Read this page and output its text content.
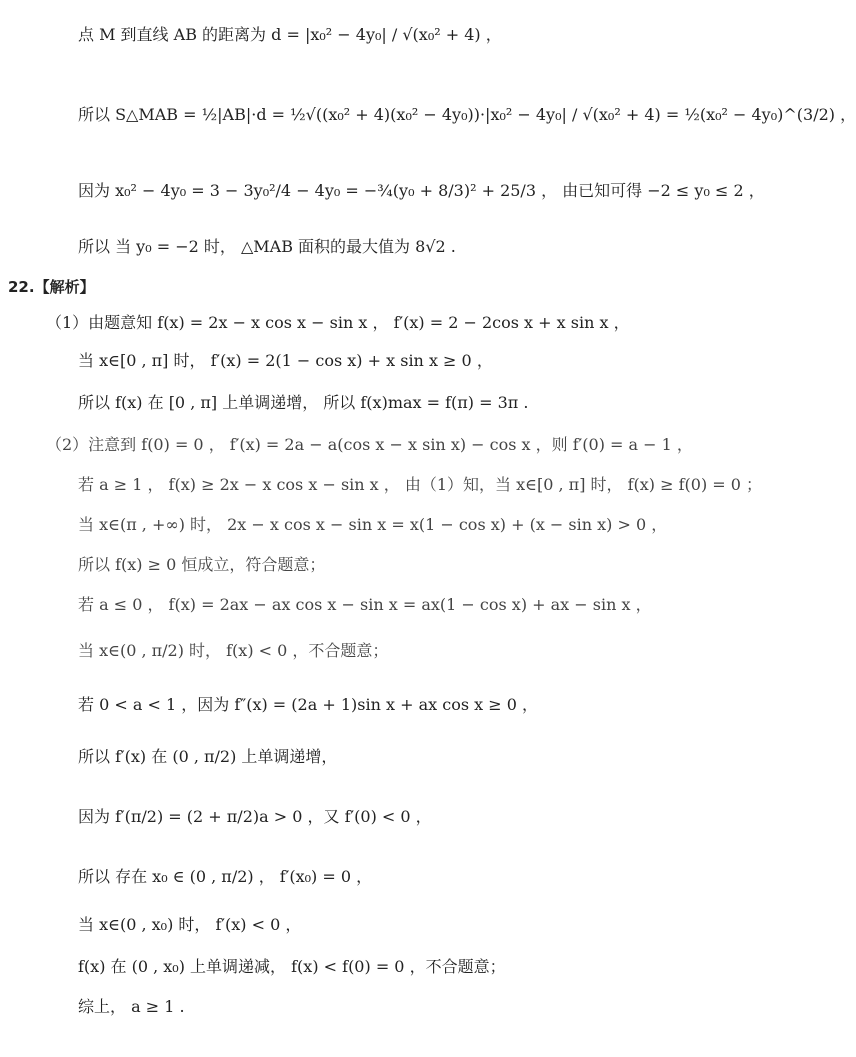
点 M 到直线 AB 的距离为 d = |x₀² − 4y₀| / √(x₀² + 4) ，
所以 S△MAB = ½|AB|·d = ½√((x₀² + 4)(x₀² − 4y₀))·|x₀² − 4y₀| / √(x₀² + 4) = ½(x₀² − 4y₀)^(3/2) ，
因为 x₀² − 4y₀ = 3 − 3y₀²/4 − 4y₀ = −¾(y₀ + 8/3)² + 25/3 ， 由已知可得 −2 ≤ y₀ ≤ 2 ，
所以 当 y₀ = −2 时， △MAB 面积的最大值为 8√2 .
22.【解析】
（1）由题意知 f(x) = 2x − x cos x − sin x ， f′(x) = 2 − 2cos x + x sin x ，
当 x∈[0 , π] 时， f′(x) = 2(1 − cos x) + x sin x ≥ 0 ，
所以 f(x) 在 [0 , π] 上单调递增， 所以 f(x)max = f(π) = 3π .
（2）注意到 f(0) = 0 ， f′(x) = 2a − a(cos x − x sin x) − cos x ，则 f′(0) = a − 1 ，
若 a ≥ 1 ， f(x) ≥ 2x − x cos x − sin x ， 由（1）知，当 x∈[0 , π] 时， f(x) ≥ f(0) = 0 ；
当 x∈(π , +∞) 时， 2x − x cos x − sin x = x(1 − cos x) + (x − sin x) > 0 ，
所以 f(x) ≥ 0 恒成立，符合题意；
若 a ≤ 0 ， f(x) = 2ax − ax cos x − sin x = ax(1 − cos x) + ax − sin x ，
当 x∈(0 , π/2) 时， f(x) < 0 ，不合题意；
若 0 < a < 1 ，因为 f″(x) = (2a + 1)sin x + ax cos x ≥ 0 ，
所以 f′(x) 在 (0 , π/2) 上单调递增，
因为 f′(π/2) = (2 + π/2)a > 0 ，又 f′(0) < 0 ，
所以 存在 x₀ ∈ (0 , π/2) ， f′(x₀) = 0 ，
当 x∈(0 , x₀) 时， f′(x) < 0 ，
f(x) 在 (0 , x₀) 上单调递减， f(x) < f(0) = 0 ，不合题意；
综上， a ≥ 1 .
